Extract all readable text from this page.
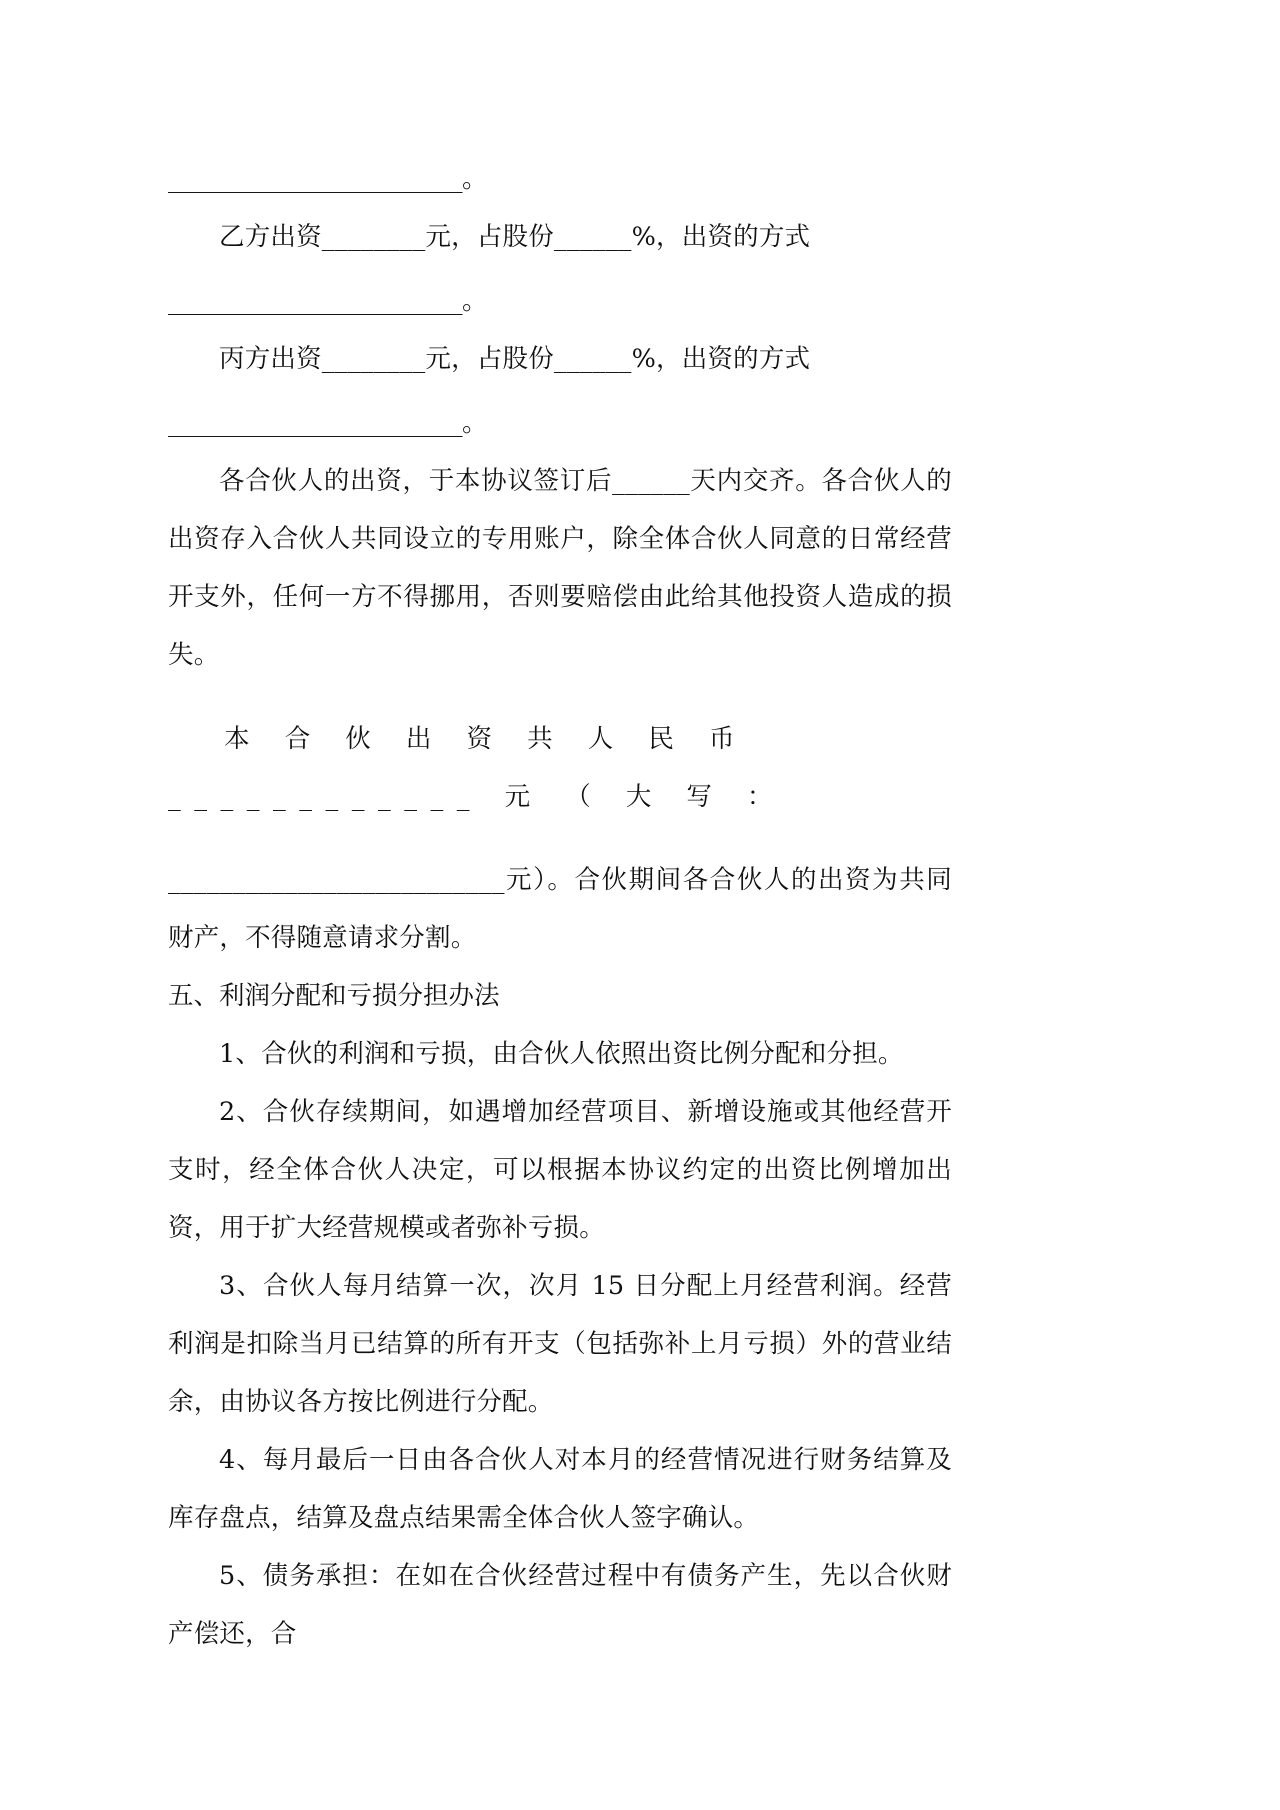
________________________。

乙方出资________元，占股份______%，出资的方式

________________________。

丙方出资________元，占股份______%，出资的方式

________________________。

各合伙人的出资，于本协议签订后______天内交齐。各合伙人的出资存入合伙人共同设立的专用账户，除全体合伙人同意的日常经营开支外，任何一方不得挪用，否则要赔偿由此给其他投资人造成的损失。

本 合 伙 出 资 共 人 民 币 ____________ 元 （ 大 写 ：

__________________________元）。合伙期间各合伙人的出资为共同财产，不得随意请求分割。

五、利润分配和亏损分担办法

1、合伙的利润和亏损，由合伙人依照出资比例分配和分担。

2、合伙存续期间，如遇增加经营项目、新增设施或其他经营开支时，经全体合伙人决定，可以根据本协议约定的出资比例增加出资，用于扩大经营规模或者弥补亏损。

3、合伙人每月结算一次，次月 15 日分配上月经营利润。经营利润是扣除当月已结算的所有开支（包括弥补上月亏损）外的营业结余，由协议各方按比例进行分配。

4、每月最后一日由各合伙人对本月的经营情况进行财务结算及库存盘点，结算及盘点结果需全体合伙人签字确认。

5、债务承担：在如在合伙经营过程中有债务产生，先以合伙财产偿还，合
